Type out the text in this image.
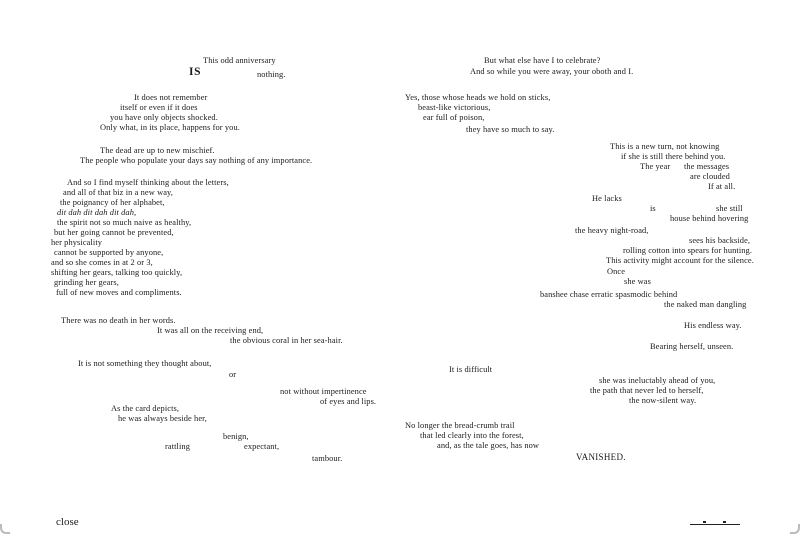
This odd anniversary
IS	nothing.
It does not remember
itself or even if it does
you have only objects shocked.
Only what, in its place, happens for you.
The dead are up to new mischief.
The people who populate your days say nothing of any importance.
And so I find myself thinking about the letters,
and all of that biz in a new way,
the poignancy of her alphabet,
dit dah dit dah dit dah,
the spirit not so much naive as healthy,
but her going cannot be prevented,
her physicality
cannot be supported by anyone,
and so she comes in at 2 or 3,
shifting her gears, talking too quickly,
grinding her gears,
full of new moves and compliments.
There was no death in her words.
It was all on the receiving end,
the obvious coral in her sea-hair.
It is not something they thought about,
or
not without impertinence
of eyes and lips.
As the card depicts,
he was always beside her,
benign,
expectant,
rattling
tambour.
But what else have I to celebrate?
And so while you were away, your oboth and I.
Yes, those whose heads we hold on sticks,
beast-like victorious,
ear full of poison,
they have so much to say.
This is a new turn, not knowing
if she is still there behind you.
The year the messages
are clouded
If at all.
He lacks
is	she still
house behind hovering
the heavy night-road,
sees his backside,
rolling cotton into spears for hunting.
This activity might account for the silence.
Once
she was
banshee chase erratic spasmodic behind
the naked man dangling
His endless way.
Bearing herself, unseen.
It is difficult
she was ineluctably ahead of you,
the path that never led to herself,
the now-silent way.
No longer the bread-crumb trail
that led clearly into the forest,
and, as the tale goes, has now
VANISHED.
close
